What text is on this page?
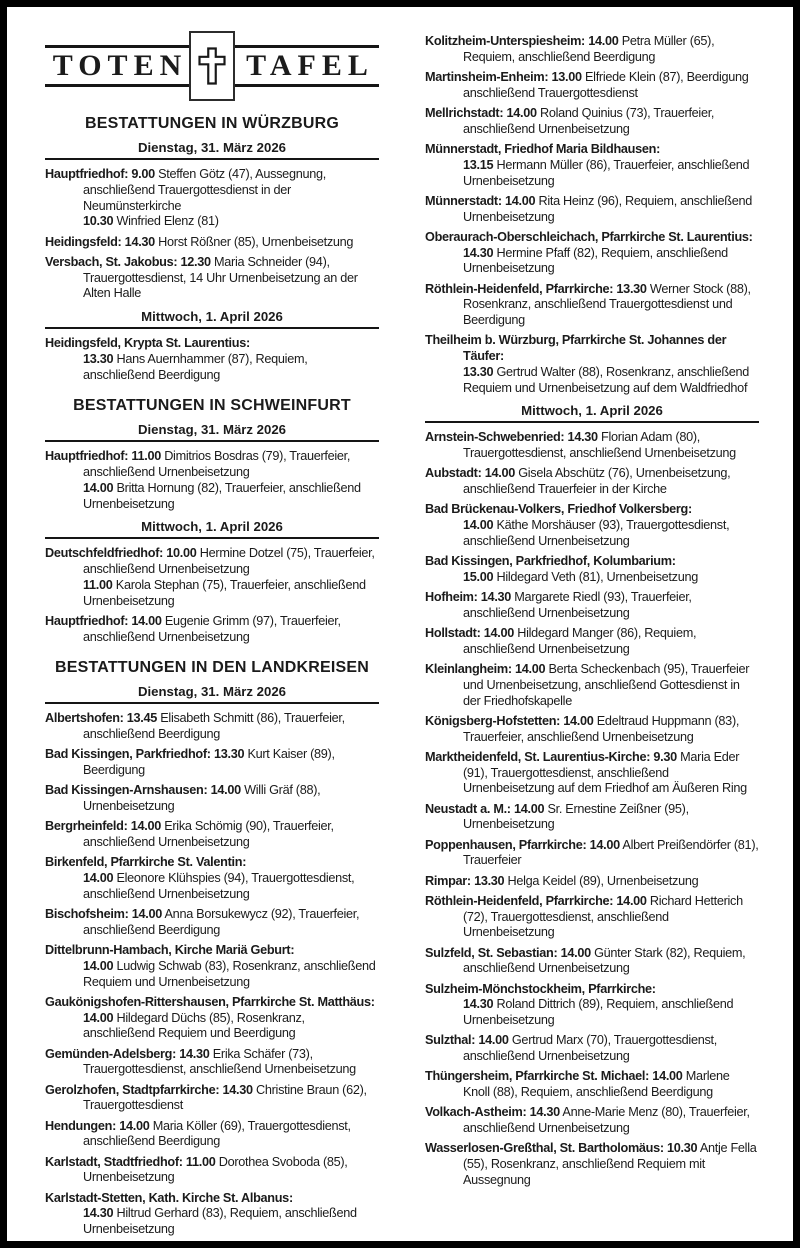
TOTEN TAFEL
BESTATTUNGEN IN WÜRZBURG
Dienstag, 31. März 2026

Hauptfriedhof: 9.00 Steffen Götz (47), Aussegnung, anschließend Trauergottesdienst in der Neumünsterkirche
10.30 Winfried Elenz (81)

Heidingsfeld: 14.30 Horst Rößner (85), Urnenbeisetzung

Versbach, St. Jakobus: 12.30 Maria Schneider (94), Trauergottesdienst, 14 Uhr Urnenbeisetzung an der Alten Halle

Mittwoch, 1. April 2026

Heidingsfeld, Krypta St. Laurentius:
13.30 Hans Auernhammer (87), Requiem, anschließend Beerdigung

BESTATTUNGEN IN SCHWEINFURT
Dienstag, 31. März 2026

Hauptfriedhof: 11.00 Dimitrios Bosdras (79), Trauerfeier, anschließend Urnenbeisetzung
14.00 Britta Hornung (82), Trauerfeier, anschließend Urnenbeisetzung

Mittwoch, 1. April 2026

Deutschfeldfriedhof: 10.00 Hermine Dotzel (75), Trauerfeier, anschließend Urnenbeisetzung
11.00 Karola Stephan (75), Trauerfeier, anschließend Urnenbeisetzung

Hauptfriedhof: 14.00 Eugenie Grimm (97), Trauerfeier, anschließend Urnenbeisetzung

BESTATTUNGEN IN DEN LANDKREISEN
Dienstag, 31. März 2026

Albertshofen: 13.45 Elisabeth Schmitt (86), Trauerfeier, anschließend Beerdigung

Bad Kissingen, Parkfriedhof: 13.30 Kurt Kaiser (89), Beerdigung

Bad Kissingen-Arnshausen: 14.00 Willi Gräf (88), Urnenbeisetzung

Bergrheinfeld: 14.00 Erika Schömig (90), Trauerfeier, anschließend Urnenbeisetzung

Birkenfeld, Pfarrkirche St. Valentin:
14.00 Eleonore Klühspies (94), Trauergottesdienst, anschließend Urnenbeisetzung

Bischofsheim: 14.00 Anna Borsukewycz (92), Trauerfeier, anschließend Beerdigung

Dittelbrunn-Hambach, Kirche Mariä Geburt:
14.00 Ludwig Schwab (83), Rosenkranz, anschließend Requiem und Urnenbeisetzung

Gaukönigshofen-Rittershausen, Pfarrkirche St. Matthäus:
14.00 Hildegard Düchs (85), Rosenkranz, anschließend Requiem und Beerdigung

Gemünden-Adelsberg: 14.30 Erika Schäfer (73), Trauergottesdienst, anschließend Urnenbeisetzung

Gerolzhofen, Stadtpfarrkirche: 14.30 Christine Braun (62), Trauergottesdienst

Hendungen: 14.00 Maria Köller (69), Trauergottesdienst, anschließend Beerdigung

Karlstadt, Stadtfriedhof: 11.00 Dorothea Svoboda (85), Urnenbeisetzung

Karlstadt-Stetten, Kath. Kirche St. Albanus:
14.30 Hiltrud Gerhard (83), Requiem, anschließend Urnenbeisetzung

Kolitzheim-Unterspiesheim: 14.00 Petra Müller (65), Requiem, anschließend Beerdigung

Martinsheim-Enheim: 13.00 Elfriede Klein (87), Beerdigung anschließend Trauergottesdienst

Mellrichstadt: 14.00 Roland Quinius (73), Trauerfeier, anschließend Urnenbeisetzung

Münnerstadt, Friedhof Maria Bildhausen:
13.15 Hermann Müller (86), Trauerfeier, anschließend Urnenbeisetzung

Münnerstadt: 14.00 Rita Heinz (96), Requiem, anschließend Urnenbeisetzung

Oberaurach-Oberschleichach, Pfarrkirche St. Laurentius:
14.30 Hermine Pfaff (82), Requiem, anschließend Urnenbeisetzung

Röthlein-Heidenfeld, Pfarrkirche: 13.30 Werner Stock (88), Rosenkranz, anschließend Trauergottesdienst und Beerdigung

Theilheim b. Würzburg, Pfarrkirche St. Johannes der Täufer:
13.30 Gertrud Walter (88), Rosenkranz, anschließend Requiem und Urnenbeisetzung auf dem Waldfriedhof

Mittwoch, 1. April 2026

Arnstein-Schwebenried: 14.30 Florian Adam (80), Trauergottesdienst, anschließend Urnenbeisetzung

Aubstadt: 14.00 Gisela Abschütz (76), Urnenbeisetzung, anschließend Trauerfeier in der Kirche

Bad Brückenau-Volkers, Friedhof Volkersberg:
14.00 Käthe Morshäuser (93), Trauergottesdienst, anschließend Urnenbeisetzung

Bad Kissingen, Parkfriedhof, Kolumbarium:
15.00 Hildegard Veth (81), Urnenbeisetzung

Hofheim: 14.30 Margarete Riedl (93), Trauerfeier, anschließend Urnenbeisetzung

Hollstadt: 14.00 Hildegard Manger (86), Requiem, anschließend Urnenbeisetzung

Kleinlangheim: 14.00 Berta Scheckenbach (95), Trauerfeier und Urnenbeisetzung, anschließend Gottesdienst in der Friedhofskapelle

Königsberg-Hofstetten: 14.00 Edeltraud Huppmann (83), Trauerfeier, anschließend Urnenbeisetzung

Marktheidenfeld, St. Laurentius-Kirche: 9.30 Maria Eder (91), Trauergottesdienst, anschließend Urnenbeisetzung auf dem Friedhof am Äußeren Ring

Neustadt a. M.: 14.00 Sr. Ernestine Zeißner (95), Urnenbeisetzung

Poppenhausen, Pfarrkirche: 14.00 Albert Preißendörfer (81), Trauerfeier

Rimpar: 13.30 Helga Keidel (89), Urnenbeisetzung

Röthlein-Heidenfeld, Pfarrkirche: 14.00 Richard Hetterich (72), Trauergottesdienst, anschließend Urnenbeisetzung

Sulzfeld, St. Sebastian: 14.00 Günter Stark (82), Requiem, anschließend Urnenbeisetzung

Sulzheim-Mönchstockheim, Pfarrkirche:
14.30 Roland Dittrich (89), Requiem, anschließend Urnenbeisetzung

Sulzthal: 14.00 Gertrud Marx (70), Trauergottesdienst, anschließend Urnenbeisetzung

Thüngersheim, Pfarrkirche St. Michael: 14.00 Marlene Knoll (88), Requiem, anschließend Beerdigung

Volkach-Astheim: 14.30 Anne-Marie Menz (80), Trauerfeier, anschließend Urnenbeisetzung

Wasserlosen-Greßthal, St. Bartholomäus: 10.30 Antje Fella (55), Rosenkranz, anschließend Requiem mit Aussegnung
